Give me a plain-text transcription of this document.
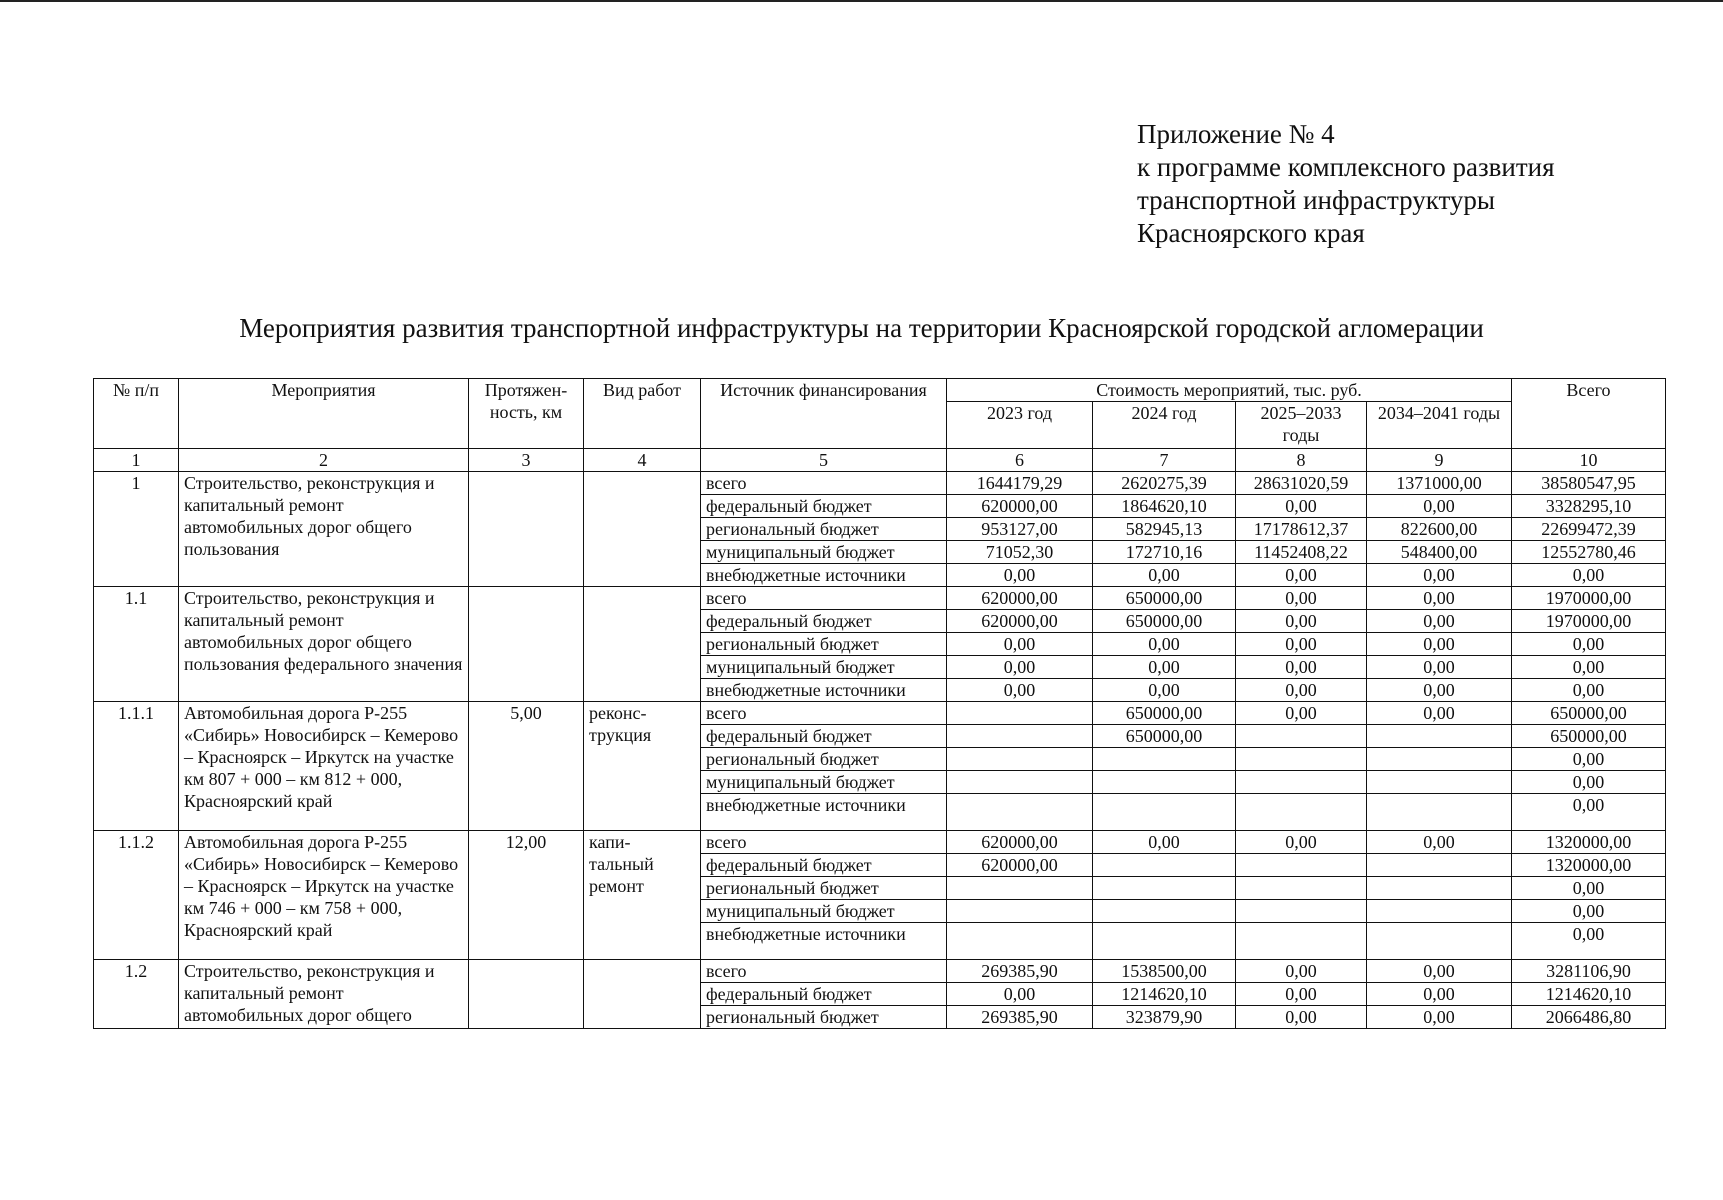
Приложение № 4
к программе комплексного развития
транспортной инфраструктуры
Красноярского края
Мероприятия развития транспортной инфраструктуры на территории Красноярской городской агломерации
№ п/п	Мероприятия	Протяжен-ность, км	Вид работ	Источник финансирования	Стоимость мероприятий, тыс. руб.				Всего
					2023 год	2024 год	2025–2033 годы	2034–2041 годы	
1	2	3	4	5	6	7	8	9	10
1	Строительство, реконструкция и капитальный ремонт автомобильных дорог общего пользования			всего	1644179,29	2620275,39	28631020,59	1371000,00	38580547,95
				федеральный бюджет	620000,00	1864620,10	0,00	0,00	3328295,10
				региональный бюджет	953127,00	582945,13	17178612,37	822600,00	22699472,39
				муниципальный бюджет	71052,30	172710,16	11452408,22	548400,00	12552780,46
				внебюджетные источники	0,00	0,00	0,00	0,00	0,00
1.1	Строительство, реконструкция и капитальный ремонт автомобильных дорог общего пользования федерального значения			всего	620000,00	650000,00	0,00	0,00	1970000,00
				федеральный бюджет	620000,00	650000,00	0,00	0,00	1970000,00
				региональный бюджет	0,00	0,00	0,00	0,00	0,00
				муниципальный бюджет	0,00	0,00	0,00	0,00	0,00
				внебюджетные источники	0,00	0,00	0,00	0,00	0,00
1.1.1	Автомобильная дорога Р-255 «Сибирь» Новосибирск – Кемерово – Красноярск – Иркутск на участке км 807 + 000 – км 812 + 000, Красноярский край	5,00	реконс-трукция	всего		650000,00	0,00	0,00	650000,00
				федеральный бюджет		650000,00			650000,00
				региональный бюджет					0,00
				муниципальный бюджет					0,00
				внебюджетные источники					0,00
1.1.2	Автомобильная дорога Р-255 «Сибирь» Новосибирск – Кемерово – Красноярск – Иркутск на участке км 746 + 000 – км 758 + 000, Красноярский край	12,00	капи-тальный ремонт	всего	620000,00	0,00	0,00	0,00	1320000,00
				федеральный бюджет	620000,00				1320000,00
				региональный бюджет					0,00
				муниципальный бюджет					0,00
				внебюджетные источники					0,00
1.2	Строительство, реконструкция и капитальный ремонт автомобильных дорог общего			всего	269385,90	1538500,00	0,00	0,00	3281106,90
				федеральный бюджет	0,00	1214620,10	0,00	0,00	1214620,10
				региональный бюджет	269385,90	323879,90	0,00	0,00	2066486,80
